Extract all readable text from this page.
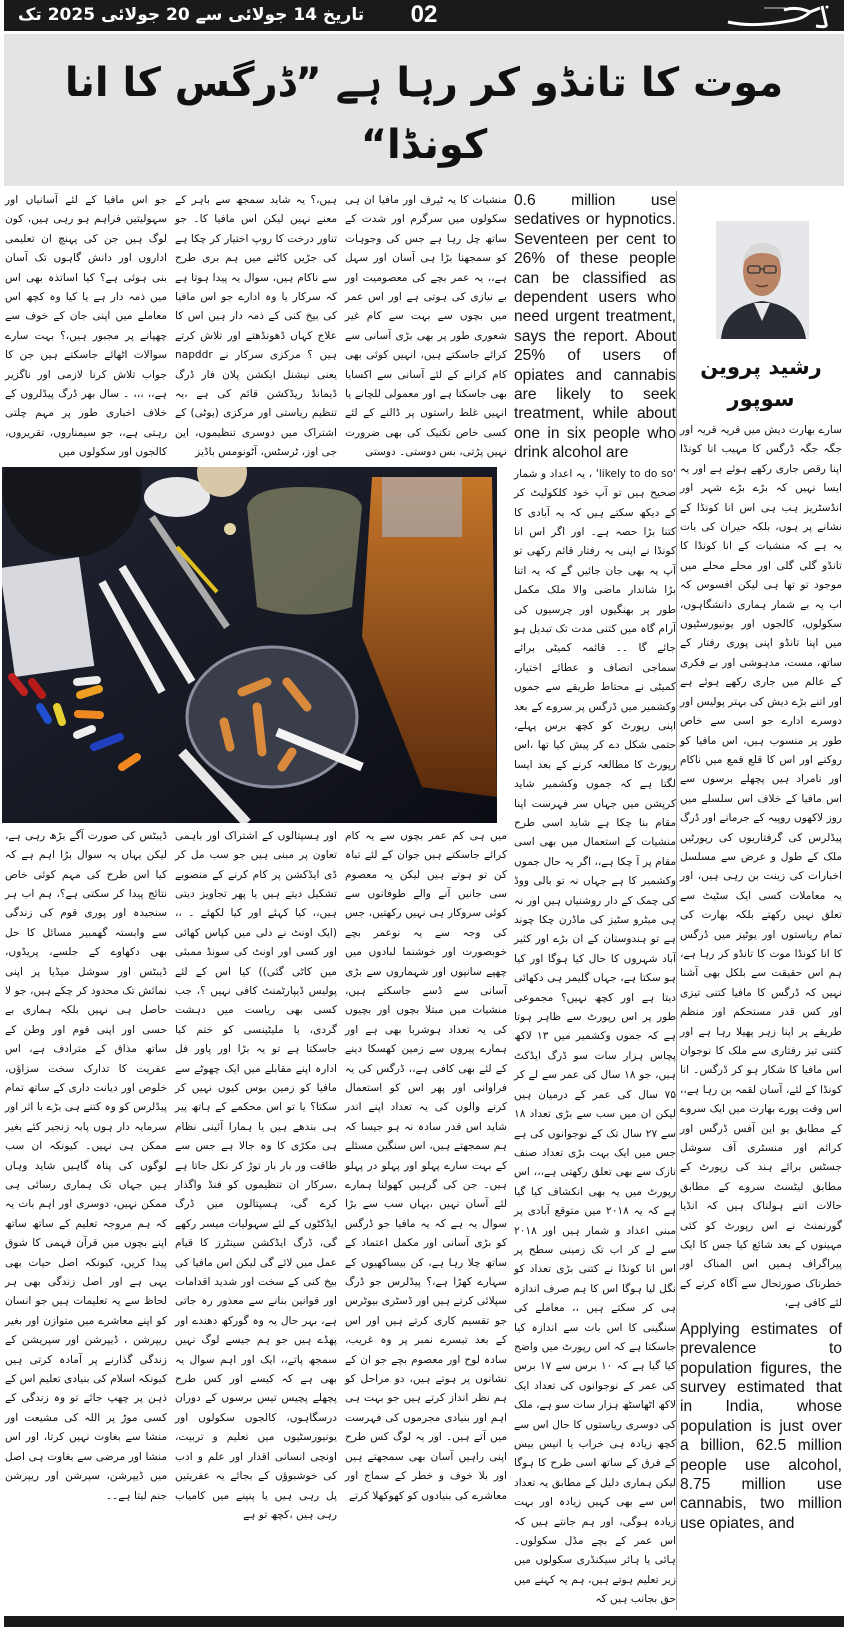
تاریخ 14 جولائی سے 20 جولائی 2025 تک	02
موت کا تانڈو کر رہا ہے ”ڈرگس کا انا کونڈا“
منشیات کا یہ ٹیرف اور مافیا ان ہی سکولوں میں سرگرم اور شدت کے ساتھ چل رہا ہے جس کی وجوہات کو سمجھنا بڑا ہی آسان اور سہل ہے،، یہ عمر بچے کی معصومیت اور بے نیازی کی ہوتی ہے اور اس عمر میں بچوں سے بہت سے کام غیر شعوری طور پر بھی بڑی آسانی سے کرائے جاسکتے ہیں، انہیں کوئی بھی کام کرانے کے لئے آسانی سے اکسایا بھی جاسکتا ہے اور معمولی للچانے یا انہیں غلط راستوں پر ڈالنے کے لئے کسی خاص تکنیک کی بھی ضرورت نہیں پڑتی، بس دوستی۔ دوستی
ہیں،؟ یہ شاید سمجھ سے باہر کے معنے نہیں لیکن اس مافیا کا۔ جو تناور درخت کا روپ اختیار کر چکا ہے کی جڑیں کاٹنے میں ہم بری طرح سے ناکام ہیں، سوال یہ پیدا ہوتا ہے کہ سرکار یا وہ ادارے جو اس مافیا کی بیخ کنی کے ذمہ دار ہیں اس کا علاج کہاں ڈھونڈھتے اور تلاش کرتے ہیں ؟ مرکزی سرکار نے napddr یعنی نیشنل ایکشن پلان فار ڈرگ ڈیمانڈ ریڈکشن قائم کی ہے ،یہ تنظیم ریاستی اور مرکزی (یوٹی) کے اشتراک میں دوسری تنظیموں، این جی اوز، ٹرسٹس، آٹونومس باڈیز
جو اس مافیا کے لئے آسانیاں اور سہولیتیں فراہم ہو رہی ہیں، کون لوگ ہیں جن کی پہنچ ان تعلیمی اداروں اور دانش گاہوں تک آسان بنی ہوئی ہے؟ کیا اساتذہ بھی اس میں ذمہ دار ہے یا کیا وہ کچھ اس معاملے میں اپنی جان کے خوف سے چھپانے پر مجبور ہیں،؟ بہت سارے سوالات اٹھائے جاسکتے ہیں جن کا جواب تلاش کرنا لازمی اور ناگزیر ہے،، ،،، ۔ سال بھر ڈرگ پیڈلروں کے خلاف اخباری طور پر مہم چلتی رہتی ہے،، جو سیمناروں، تقریروں، کالجوں اور سکولوں میں
میں ہی کم عمر بچوں سے یہ کام کرائے جاسکتے ہیں جوان کے لئے تباہ کن تو ہوتے ہیں لیکن یہ معصوم سی جانیں آنے والے طوفانوں سے کوئی سروکار ہی نہیں رکھتیں، جس کی وجہ سے یہ نوعمر بچے خوبصورت اور خوشنما لبادوں میں چھپے سانپوں اور شہماروں سے بڑی آسانی سے ڈسے جاسکتے ہیں، منشیات میں مبتلا بچوں اور بچیوں کی یہ تعداد ہوشربا بھی ہے اور ہمارے پیروں سے زمین کھسکا دینے کے لئے بھی کافی ہے،، ڈرگس کی یہ فراوانی اور پھر اس کو استعمال کرنے والوں کی یہ تعداد اپنے اندر شاید اس قدر سادہ نہ ہو جیسا کہ ہم سمجھتے ہیں، اس سنگین مسئلے کے بہت سارے پہلو اور پہلو در پہلو ہیں۔ جن کی گرہیں کھولنا ہمارے لئے آسان نہیں ،یہاں سب سے بڑا سوال یہ ہے کہ یہ مافیا جو ڈرگس کو بڑی آسانی اور مکمل اعتماد کے ساتھ چلا رہا ہے، کن بیساکھیوں کے سہارے کھڑا ہے،؟ پیڈلرس جو ڈرگ سپلائی کرتے ہیں اور ڈسٹری بیوٹرس جو تقسیم کاری کرتے ہیں اور اس کے بعد تیسرے نمبر پر وہ غریب، سادہ لوح اور معصوم بچے جو ان کے نشانوں پر ہوتے ہیں، دو مراحل کو ہم نظر انداز کرتے ہیں جو بہت ہی اہم اور بنیادی مجرموں کی فہرست میں آتے ہیں۔ اور یہ لوگ کس طرح اپنی راہیں آسان بھی سمجھتے ہیں اور بلا خوف و خطر کے سماج اور معاشرے کی بنیادوں کو کھوکھلا کرتے
اور ہسپتالوں کے اشتراک اور باہمی تعاون پر مبنی ہیں جو سب مل کر ڈی ایڈکشن پر کام کرنے کے منصوبے تشکیل دیتے ہیں یا پھر تجاویز دیتی ہیں،، کیا کہئے اور کیا لکھئے ۔ ،، (ایک اونٹ نے دلی میں کپاس کھائی اور کسی اور اونٹ کی سونڈ ممبئی میں کاٹی گئی)) کیا اس کے لئے پولیس ڈیپارٹمنٹ کافی نہیں ؟، جب کسی بھی ریاست میں دہشت گردی، یا ملیٹینسی کو ختم کیا جاسکتا ہے تو یہ بڑا اور پاور فل ادارہ اپنے مقابلے میں ایک چھوٹے سے مافیا کو زمین بوس کیوں نہیں کر سکتا؟ یا تو اس محکمے کے ہاتھ پیر ہی بندھے ہیں یا ہمارا آئینی نظام ہی مکڑی کا وہ جالا ہے جس سے طاقت ور بار بار توڑ کر نکل جاتا ہے ،سرکار ان تنظیموں کو فنڈ واگذار کرے گی، ہسپتالوں میں ڈرگ ایڈکٹوں کے لئے سہولیات میسر رکھے گی، ڈرگ ایڈکشن سینٹرز کا قیام عمل میں لائے گی لیکن اس مافیا کی بیخ کنی کے سخت اور شدید اقدامات اور قوانین بنانے سے معذور رہ جاتی ہے، بہر حال یہ وہ گورکھ دھندے اور پھڈے ہیں جو ہم جیسے لوگ نہیں سمجھ پاتے،، ایک اور اہم سوال یہ بھی ہے کہ کیسے اور کس طرح پچھلے پچیس تیس برسوں کے دوران درسگاہوں، کالجوں سکولوں اور یونیورسٹیوں میں تعلیم و تربیت، اونچی انسانی اقدار اور علم و ادب کی خوشبوؤں کے بجائے یہ عفریتیں پل رہی ہیں یا پنپنے میں کامیاب رہی ہیں ،کچھ تو ہے
ڈیبٹس کی صورت آگے بڑھ رہی ہے، لیکن یہاں یہ سوال بڑا اہم ہے کہ کیا اس طرح کی مہم کوئی خاص نتائج پیدا کر سکتی ہے؟، ہم اب ہر سنجیدہ اور پوری قوم کی زندگی سے وابستہ گھمبیر مسائل کا حل بھی دکھاوے کے جلسے، پریڈوں، ڈیبٹس اور سوشل میڈیا پر اپنی نمائش تک محدود کر چکے ہیں، جو لا حاصل ہی نہیں بلکہ ہماری بے حسی اور اپنی قوم اور وطن کے ساتھ مذاق کے مترادف ہے، اس عفریت کا تدارک سخت سزاؤں، خلوص اور دیانت داری کے ساتھ تمام پیڈلرس کو وہ کتنے ہی بڑے با اثر اور سرمایہ دار ہوں پابہ زنجیر کئے بغیر ممکن ہی نہیں۔ کیونکہ ان سب لوگوں کی پناہ گاہیں شاید وہاں ہیں جہاں تک ہماری رسائی ہی ممکن نہیں، دوسری اور اہم بات یہ کہ ہم مروجہ تعلیم کے ساتھ ساتھ اپنے بچوں میں قرآن فہمی کا شوق پیدا کریں، کیونکہ اصل حیات بھی یہی ہے اور اصل زندگی بھی ہر لحاظ سے یہ تعلیمات ہیں جو انسان کو اپنے معاشرے میں متوازن اور بغیر ریپرشن ، ڈیپرشن اور سپریشن کے زندگی گذارنے پر آمادہ کرتی ہیں کیونکہ اسلام کی بنیادی تعلیم اس کے ذہن پر چھپ جائے تو وہ زندگی کے کسی موڑ پر اللہ کی مشیعت اور منشا سے بغاوت نہیں کرتا، اور اس منشا اور مرضی سے بغاوت ہی اصل میں ڈیپرشن، سپرشن اور ریپرشن جنم لیتا ہے۔۔
0.6 million use sedatives or hypnotics. Seventeen per cent to 26% of these people can be classified as dependent users who need urgent treatment, says the report. About 25% of users of opiates and cannabis are likely to seek treatment, while about one in six people who drink alcohol are
'likely to do so' ، یہ اعداد و شمار صحیح ہیں تو آپ خود کلکولیٹ کر کے دیکھ سکتے ہیں کہ یہ آبادی کا کتنا بڑا حصہ ہے۔ اور اگر اس انا کونڈا نے اپنی یہ رفتار قائم رکھی تو آپ یہ بھی جان جائیں گے کہ یہ اتنا بڑا شاندار ماضی والا ملک مکمل طور پر بھنگیوں اور چرسیوں کی آرام گاہ میں کتنی مدت تک تبدیل ہو جائے گا ۔۔ قائمہ کمیٹی برائے سماجی انصاف و عطائے اختیار، کمیٹی نے محتاط طریقے سے جموں وکشمیر میں ڈرگس پر سروے کے بعد اپنی رپورٹ کو کچھ برس پہلے، حتمی شکل دے کر پیش کیا تھا ،اس رپورٹ کا مطالعہ کرنے کے بعد ایسا لگتا ہے کہ جموں وکشمیر شاید کرپشن میں جہاں سر فہرست اپنا مقام بنا چکا ہے شاید اسی طرح منشیات کے استعمال میں بھی اسی مقام پر آ چکا ہے،، اگر یہ حال جموں وکشمیر کا ہے جہاں نہ تو بالی ووڈ کی چمک کے دار روشنیاں ہیں اور نہ ہی میٹرو سٹیز کی ماڈرن چکا چوند ہے تو ہندوستان کے ان بڑے اور کثیر آباد شہروں کا حال کیا ہوگا اور کیا ہو سکتا ہے، جہاں گلیمر ہی دکھائی دیتا ہے اور کچھ نہیں؟ مجموعی طور پر اس رپورٹ سے ظاہر ہوتا ہے کہ جموں وکشمیر میں ۱۳ لاکھ پچاس ہزار سات سو ڈرگ ایڈکٹ ہیں، جو ۱۸ سال کی عمر سے لے کر ۷۵ سال کی عمر کے درمیان ہیں لیکن ان میں سب سے بڑی تعداد ۱۸ سے ۲۷ سال تک کے نوجوانوں کی ہے جس میں ایک بہت بڑی تعداد صنف نازک سے بھی تعلق رکھتی ہے،،، اس رپورٹ میں یہ بھی انکشاف کیا گیا ہے کہ یہ ۲۰۱۸ میں متوقع آبادی پر مبنی اعداد و شمار ہیں اور ۲۰۱۸ سے لے کر اب تک زمینی سطح پر اس انا کونڈا نے کتنی بڑی تعداد کو نگل لیا ہوگا اس کا ہم صرف اندازہ ہی کر سکتے ہیں ،، معاملے کی سنگینی کا اس بات سے اندازہ کیا جاسکتا ہے کہ اس رپورٹ میں واضح کیا گیا ہے کہ ۱۰ برس سے ۱۷ برس کی عمر کے نوجوانوں کی تعداد ایک لاکھ اٹھاسٹھ ہزار سات سو ہے، ملک کی دوسری ریاستوں کا حال اس سے کچھ زیادہ ہی خراب یا انیس بیس کے فرق کے ساتھ اسی طرح کا ہوگا لیکن ہماری دلیل کے مطابق یہ تعداد اس سے بھی کہیں زیادہ اور بہت زیادہ ہوگی، اور ہم جانتے ہیں کہ اس عمر کے بچے مڈل سکولوں۔ ہائی یا ہائر سیکنڈری سکولوں میں زیر تعلیم ہوتے ہیں، ہم یہ کہنے میں حق بجانب ہیں کہ
رشید پروین سوپور
سارے بھارت دیش میں قریہ قریہ اور جگہ جگہ ڈرگس کا مہیب انا کونڈا اپنا رقص جاری رکھے ہوئے ہے اور یہ ایسا نہیں کہ بڑے بڑے شہر اور انڈسٹریز ہب ہی اس انا کونڈا کے نشانے پر ہوں، بلکہ حیران کی بات یہ ہے کہ منشیات کے انا کونڈا کا تانڈو گلی گلی اور محلے محلے میں موجود تو تھا ہی لیکن افسوس کہ اب یہ بے شمار ہماری دانشگاہوں، سکولوں، کالجوں اور یونیورسٹیوں میں اپنا تانڈو اپنی پوری رفتار کے ساتھ، مست، مدہوشی اور بے فکری کے عالم میں جاری رکھے ہوئے ہے اور اتنے بڑے دیش کی بہتر پولیس اور دوسرے ادارے جو اسی سے خاص طور پر منسوب ہیں، اس مافیا کو روکنے اور اس کا قلع قمع میں ناکام اور نامراد ہیں پچھلے برسوں سے اس مافیا کے خلاف اس سلسلے میں روز لاکھوں روپیہ کے جرمانے اور ڈرگ پیڈلرس کی گرفتاریوں کی رپورٹیں ملک کے طول و عرض سے مسلسل اخبارات کی زینت بن رہی ہیں، اور یہ معاملات کسی ایک سٹیٹ سے تعلق نہیں رکھتے بلکہ بھارت کی تمام ریاستوں اور یوٹیز میں ڈرگس کا انا کونڈا موت کا تانڈو کر رہا ہے، ہم اس حقیقت سے بلکل بھی آشنا نہیں کہ ڈرگس کا مافیا کتنی تیزی اور کس قدر مستحکم اور منظم طریقے پر اپنا زہر پھیلا رہا ہے اور کتنی تیز رفتاری سے ملک کا نوجوان اس مافیا کا شکار ہو کر ڈرگس۔ انا کونڈا کے لئے، آسان لقمہ بن رہا ہے،، اس وقت پورے بھارت میں ایک سروے کے مطابق یو این آفس ڈرگس اور کرائم اور منسٹری آف سوشل جسٹس برائے ہند کی رپورٹ کے مطابق لیٹسٹ سروے کے مطابق حالات اتنے ہولناک ہیں کہ انڈیا گورنمنٹ نے اس رپورٹ کو کئی مہینوں کے بعد شائع کیا جس کا ایک پیراگراف ہمیں اس المناک اور خطرناک صورتحال سے آگاہ کرنے کے لئے کافی ہے،
Applying estimates of prevalence to population figures, the survey estimated that in India, whose population is just over a billion, 62.5 million people use alcohol, 8.75 million use cannabis, two million use opiates, and
